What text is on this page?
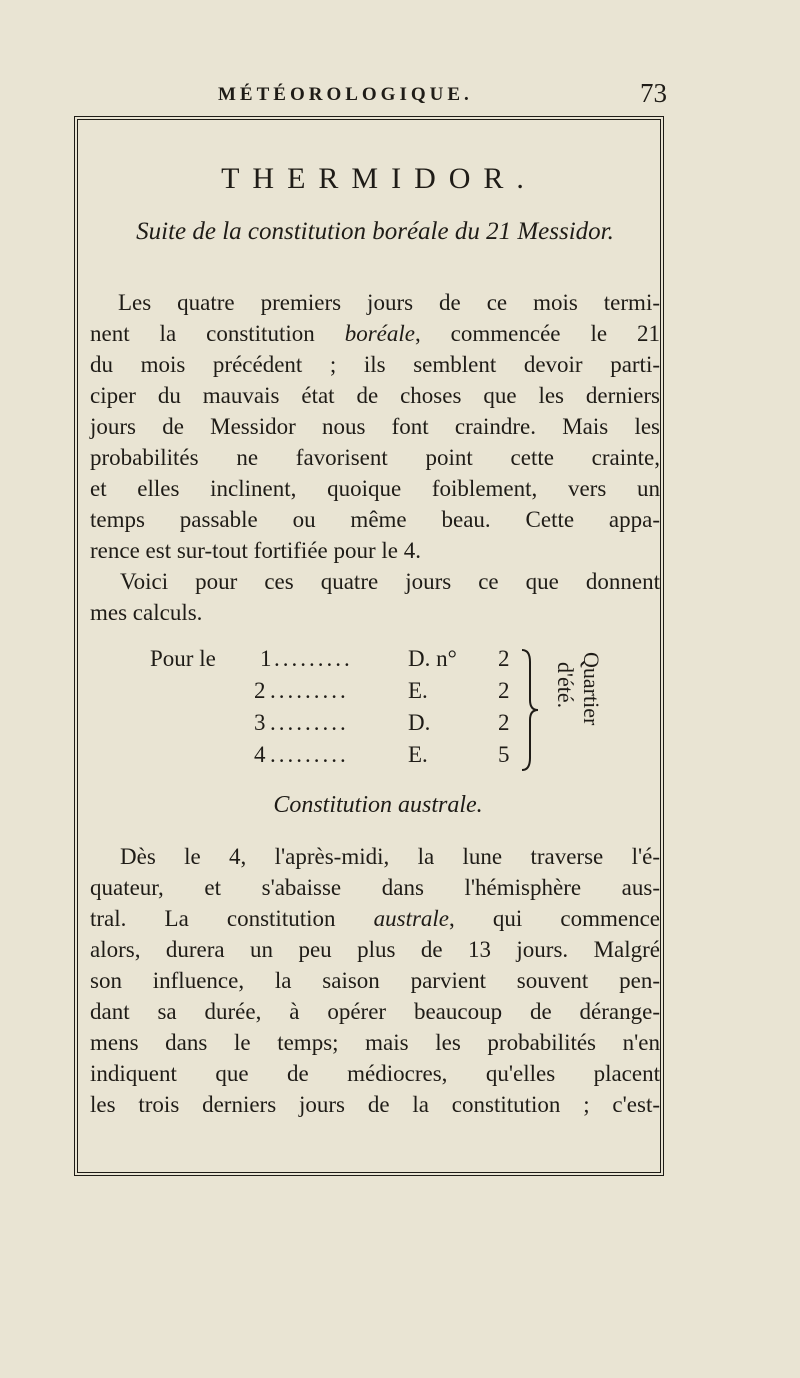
MÉTÉOROLOGIQUE.	73
THERMIDOR.
Suite de la constitution boréale du 21 Messidor.
Les quatre premiers jours de ce mois termi-
nent la constitution boréale, commencée le 21
du mois précédent ; ils semblent devoir parti-
ciper du mauvais état de choses que les derniers
jours de Messidor nous font craindre. Mais les
probabilités ne favorisent point cette crainte,
et elles inclinent, quoique foiblement, vers un
temps passable ou même beau. Cette appa-
rence est sur-tout fortifiée pour le 4.
Voici pour ces quatre jours ce que donnent
mes calculs.
Pour le 1 ......... D. n° 2
2 .........	E.	2
3 .........	D.	2
4 .........	E.	5
Quartier
d'été.
Constitution australe.
Dès le 4, l'après-midi, la lune traverse l'é-
quateur, et s'abaisse dans l'hémisphère aus-
tral. La constitution australe, qui commence
alors, durera un peu plus de 13 jours. Malgré
son influence, la saison parvient souvent pen-
dant sa durée, à opérer beaucoup de dérange-
mens dans le temps; mais les probabilités n'en
indiquent que de médiocres, qu'elles placent
les trois derniers jours de la constitution ; c'est-
